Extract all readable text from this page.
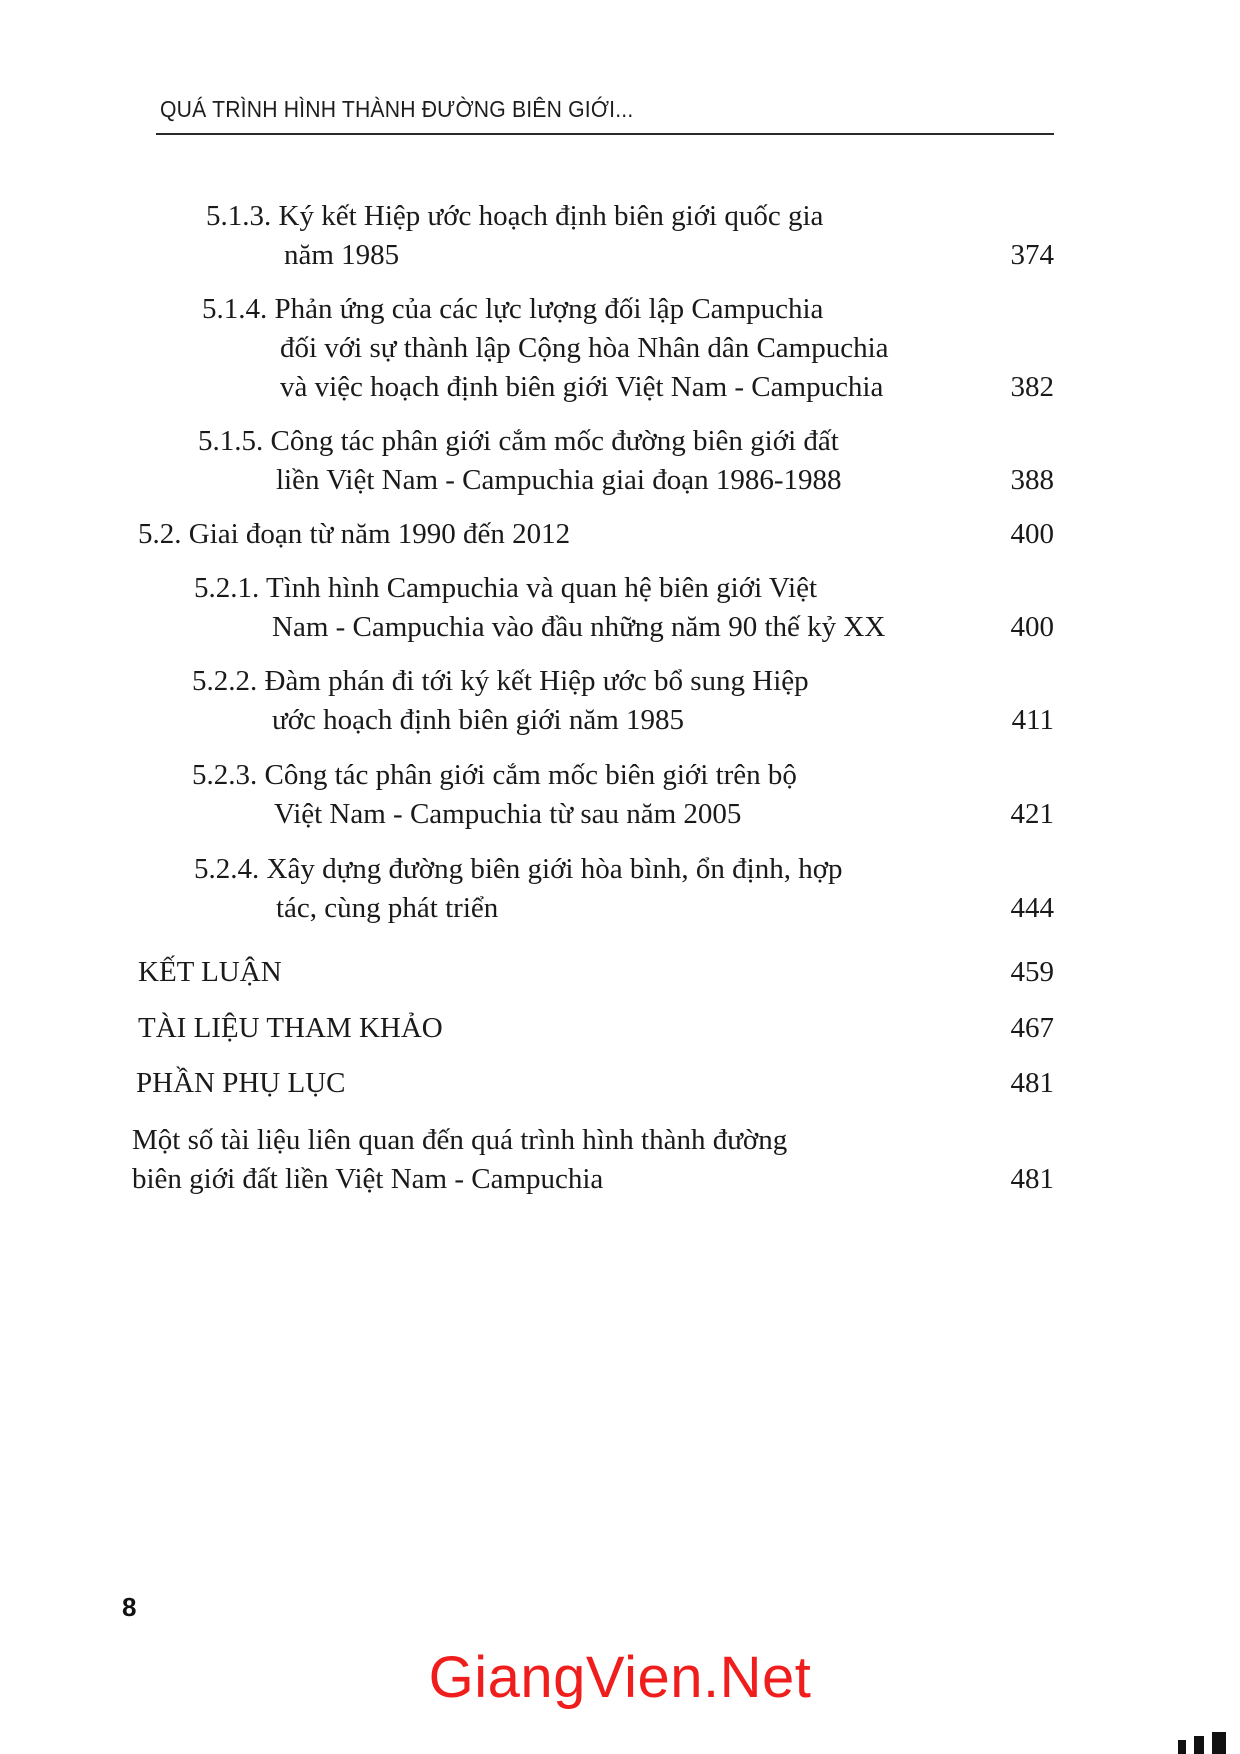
QUÁ TRÌNH HÌNH THÀNH ĐƯỜNG BIÊN GIỚI...
5.1.3. Ký kết Hiệp ước hoạch định biên giới quốc gia
năm 1985	374
5.1.4. Phản ứng của các lực lượng đối lập Campuchia
đối với sự thành lập Cộng hòa Nhân dân Campuchia
và việc hoạch định biên giới Việt Nam - Campuchia	382
5.1.5. Công tác phân giới cắm mốc đường biên giới đất
liền Việt Nam - Campuchia giai đoạn 1986-1988	388
5.2. Giai đoạn từ năm 1990 đến 2012	400
5.2.1. Tình hình Campuchia và quan hệ biên giới Việt
Nam - Campuchia vào đầu những năm 90 thế kỷ XX	400
5.2.2. Đàm phán đi tới ký kết Hiệp ước bổ sung Hiệp
ước hoạch định biên giới năm 1985	411
5.2.3. Công tác phân giới cắm mốc biên giới trên bộ
Việt Nam - Campuchia từ sau năm 2005	421
5.2.4. Xây dựng đường biên giới hòa bình, ổn định, hợp
tác, cùng phát triển	444
KẾT LUẬN	459
TÀI LIỆU THAM KHẢO	467
PHẦN PHỤ LỤC	481
Một số tài liệu liên quan đến quá trình hình thành đường
biên giới đất liền Việt Nam - Campuchia	481
8
GiangVien.Net
